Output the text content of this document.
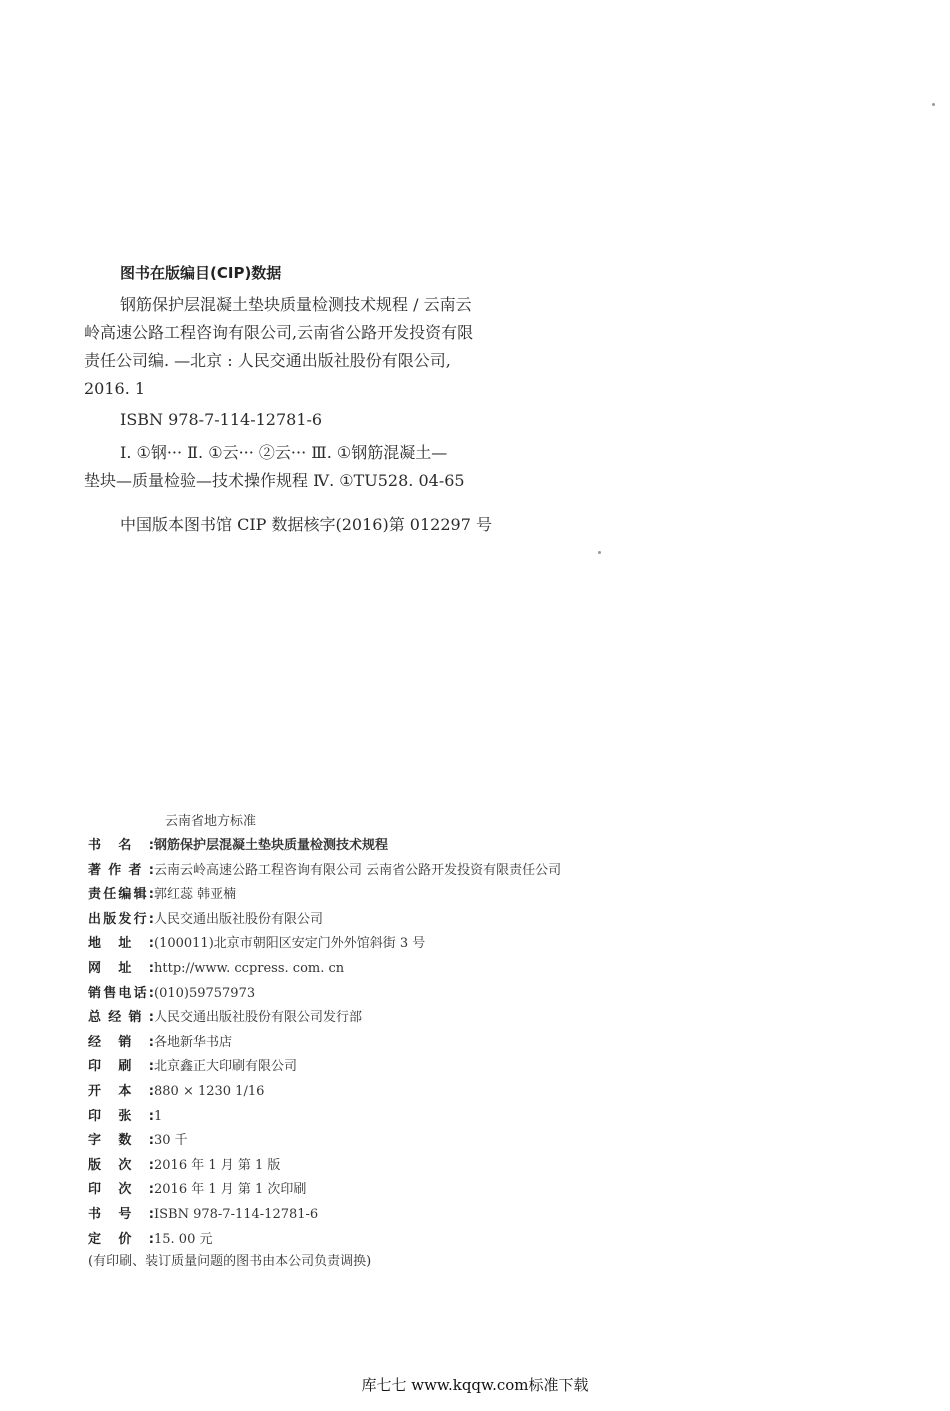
图书在版编目(CIP)数据

钢筋保护层混凝土垫块质量检测技术规程 / 云南云
岭高速公路工程咨询有限公司,云南省公路开发投资有限
责任公司编. —北京 : 人民交通出版社股份有限公司,
2016. 1

ISBN 978-7-114-12781-6

Ⅰ. ①钢··· Ⅱ. ①云··· ②云··· Ⅲ. ①钢筋混凝土—
垫块—质量检验—技术操作规程 Ⅳ. ①TU528. 04-65

中国版本图书馆 CIP 数据核字(2016)第 012297 号

云南省地方标准
书名:钢筋保护层混凝土垫块质量检测技术规程
著作者:云南云岭高速公路工程咨询有限公司 云南省公路开发投资有限责任公司
责任编辑:郭红蕊 韩亚楠
出版发行:人民交通出版社股份有限公司
地址:(100011)北京市朝阳区安定门外外馆斜街 3 号
网址:http://www. ccpress. com. cn
销售电话:(010)59757973
总经销:人民交通出版社股份有限公司发行部
经销:各地新华书店
印刷:北京鑫正大印刷有限公司
开本:880 × 1230 1/16
印张:1
字数:30 千
版次:2016 年 1 月 第 1 版
印次:2016 年 1 月 第 1 次印刷
书号:ISBN 978-7-114-12781-6
定价:15. 00 元
(有印刷、装订质量问题的图书由本公司负责调换)
库七七 www.kqqw.com标准下载
